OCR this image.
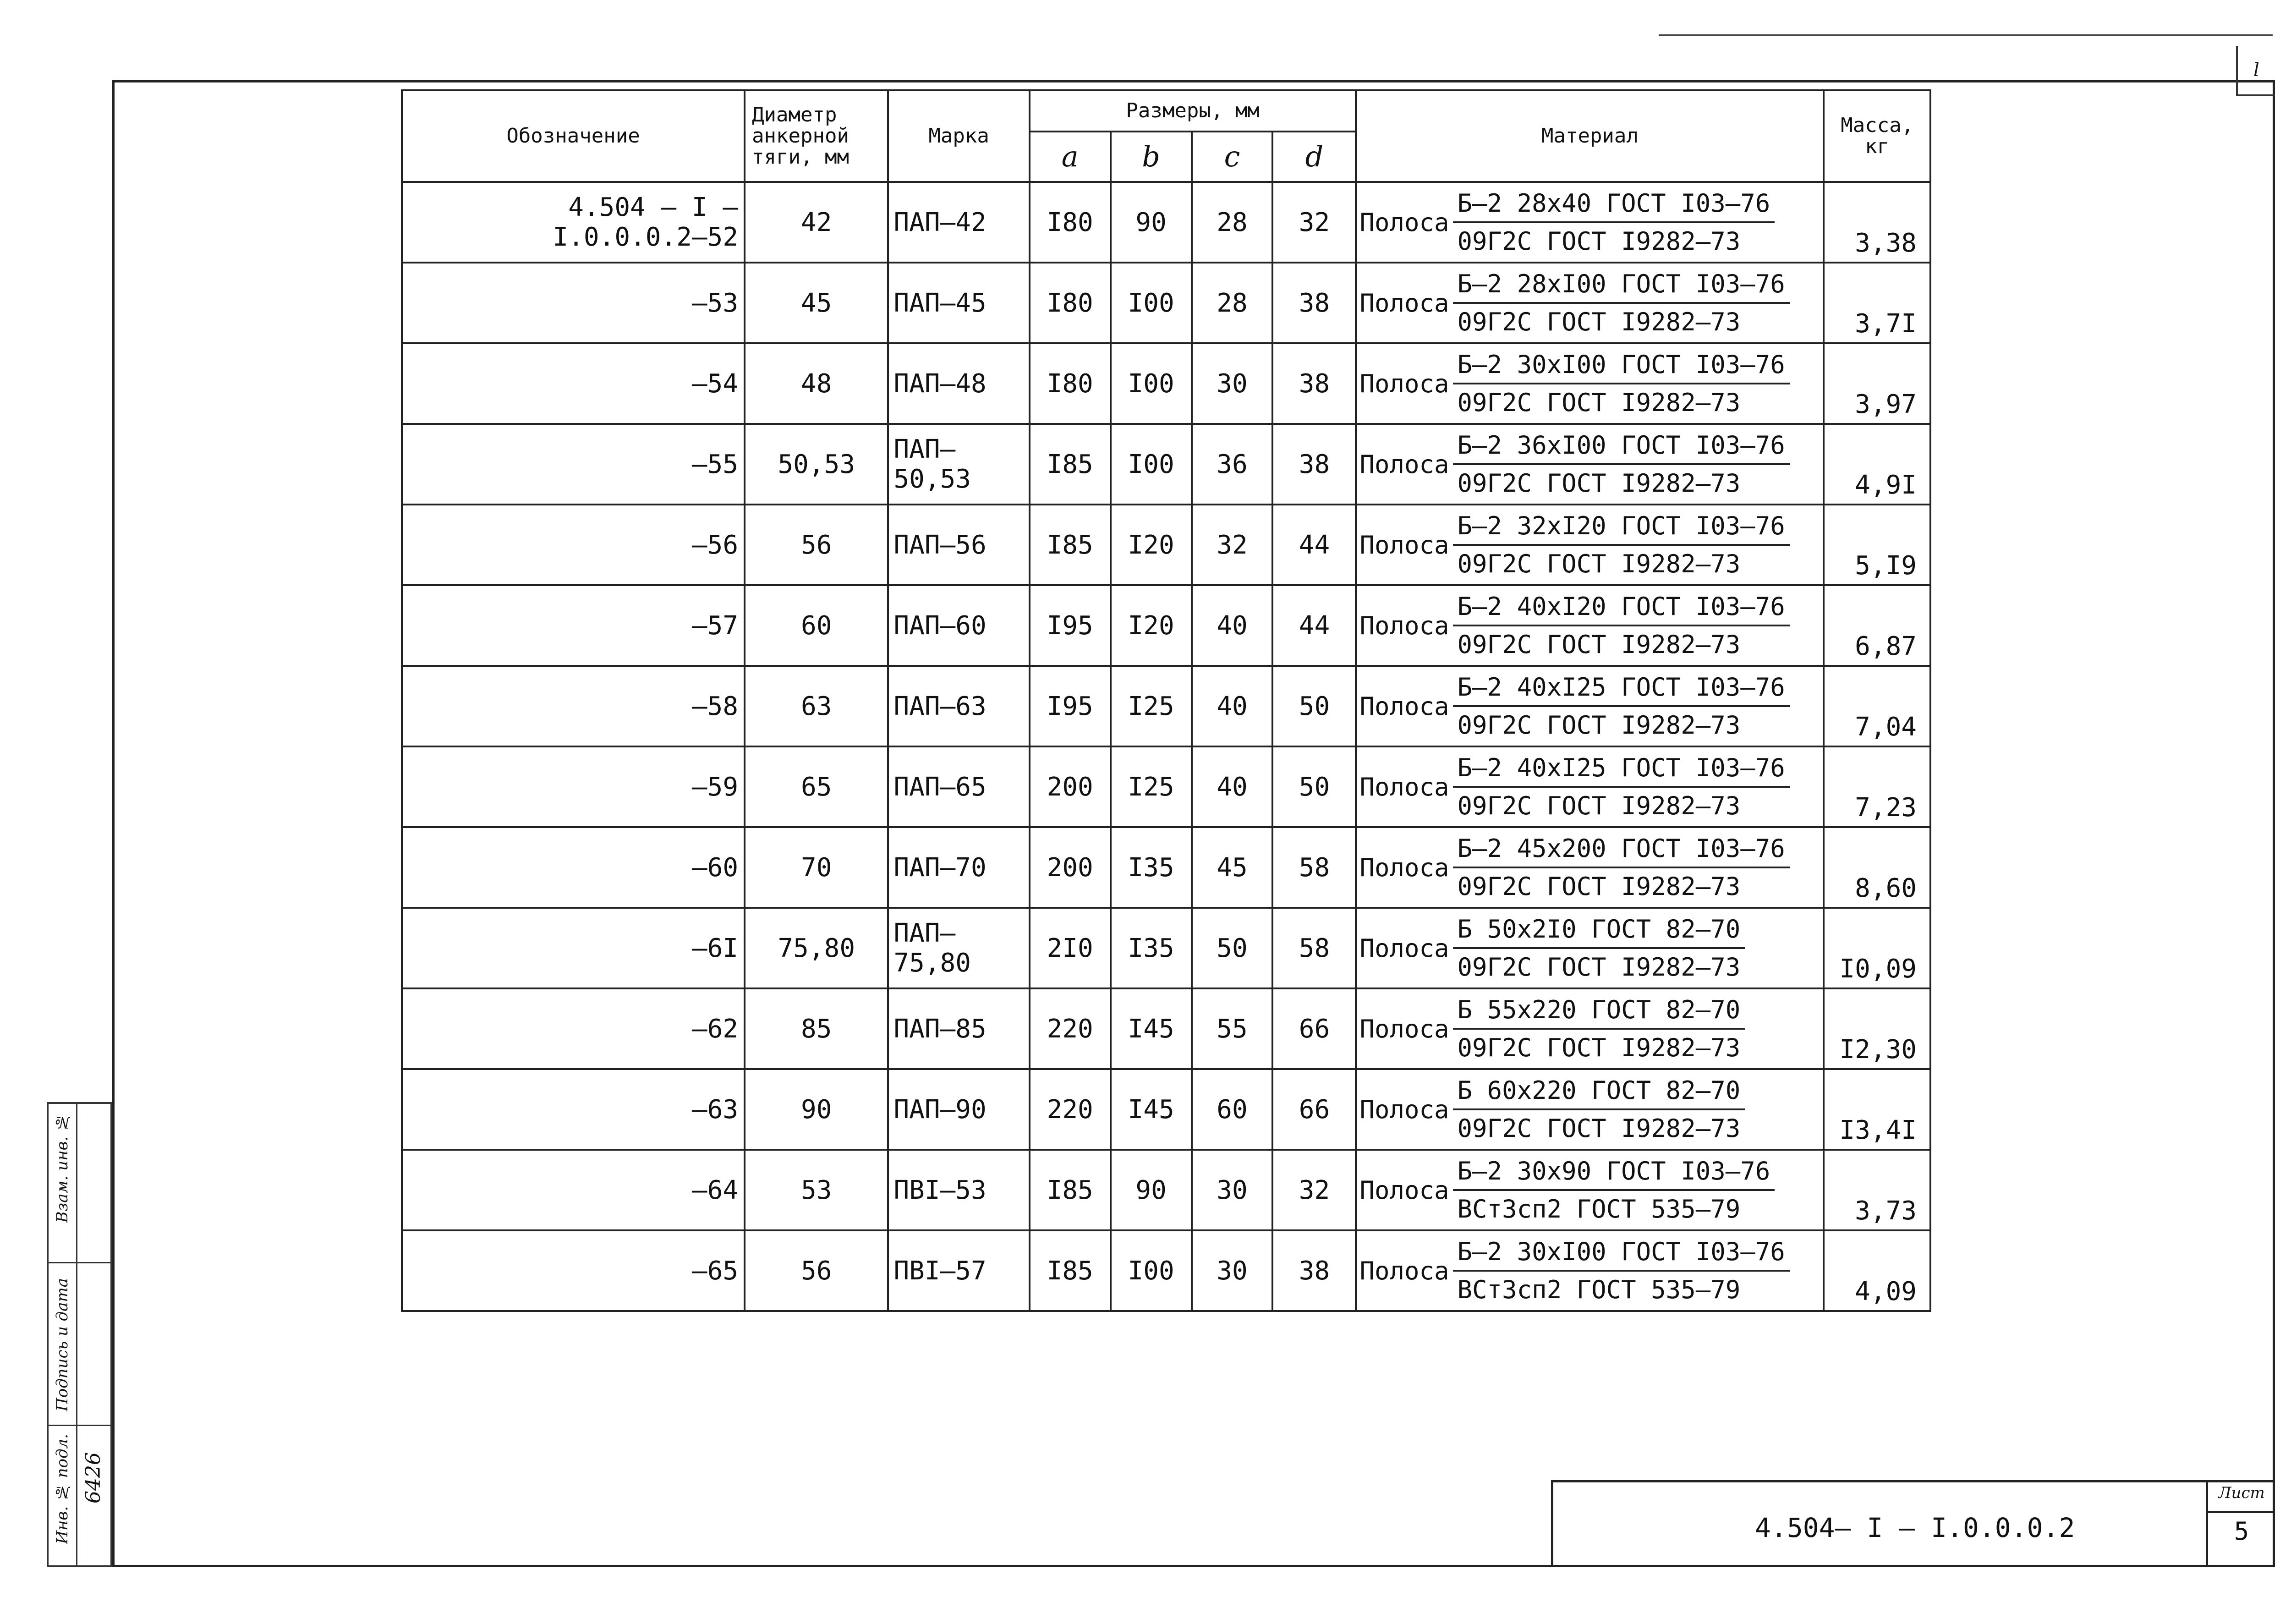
l
Обозначение	Диаметр анкерной тяги, мм	Марка	Размеры, мм				Материал	Масса, кг
			a	b	c	d		
4.504 – I – I.0.0.0.2–52	42	ПАП–42	I80	90	28	32	Полоса $\frac{\text{Б–2 28x40 ГОСТ I03–76}}{\text{09Г2С ГОСТ I9282–73}}$	3,38
–53	45	ПАП–45	I80	I00	28	38	Полоса $\frac{\text{Б–2 28xI00 ГОСТ I03–76}}{\text{09Г2С ГОСТ I9282–73}}$	3,7I
–54	48	ПАП–48	I80	I00	30	38	Полоса $\frac{\text{Б–2 30xI00 ГОСТ I03–76}}{\text{09Г2С ГОСТ I9282–73}}$	3,97
–55	50,53	ПАП–50,53	I85	I00	36	38	Полоса $\frac{\text{Б–2 36xI00 ГОСТ I03–76}}{\text{09Г2С ГОСТ I9282–73}}$	4,9I
–56	56	ПАП–56	I85	I20	32	44	Полоса $\frac{\text{Б–2 32xI20 ГОСТ I03–76}}{\text{09Г2С ГОСТ I9282–73}}$	5,I9
–57	60	ПАП–60	I95	I20	40	44	Полоса $\frac{\text{Б–2 40xI20 ГОСТ I03–76}}{\text{09Г2С ГОСТ I9282–73}}$	6,87
–58	63	ПАП–63	I95	I25	40	50	Полоса $\frac{\text{Б–2 40xI25 ГОСТ I03–76}}{\text{09Г2С ГОСТ I9282–73}}$	7,04
–59	65	ПАП–65	200	I25	40	50	Полоса $\frac{\text{Б–2 40xI25 ГОСТ I03–76}}{\text{09Г2С ГОСТ I9282–73}}$	7,23
–60	70	ПАП–70	200	I35	45	58	Полоса $\frac{\text{Б–2 45x200 ГОСТ I03–76}}{\text{09Г2С ГОСТ I9282–73}}$	8,60
–6I	75,80	ПАП–75,80	2I0	I35	50	58	Полоса $\frac{\text{Б 50x2I0 ГОСТ 82–70}}{\text{09Г2С ГОСТ I9282–73}}$	I0,09
–62	85	ПАП–85	220	I45	55	66	Полоса $\frac{\text{Б 55x220 ГОСТ 82–70}}{\text{09Г2С ГОСТ I9282–73}}$	I2,30
–63	90	ПАП–90	220	I45	60	66	Полоса $\frac{\text{Б 60x220 ГОСТ 82–70}}{\text{09Г2С ГОСТ I9282–73}}$	I3,4I
–64	53	ПВI–53	I85	90	30	32	Полоса $\frac{\text{Б–2 30x90 ГОСТ I03–76}}{\text{ВСт3сп2 ГОСТ 535–79}}$	3,73
–65	56	ПВI–57	I85	I00	30	38	Полоса $\frac{\text{Б–2 30xI00 ГОСТ I03–76}}{\text{ВСт3сп2 ГОСТ 535–79}}$	4,09
Инв. № подл.
Подпись и дата
Взам. инв. №
6426
4.504– I – I.0.0.0.2
Лист
5
